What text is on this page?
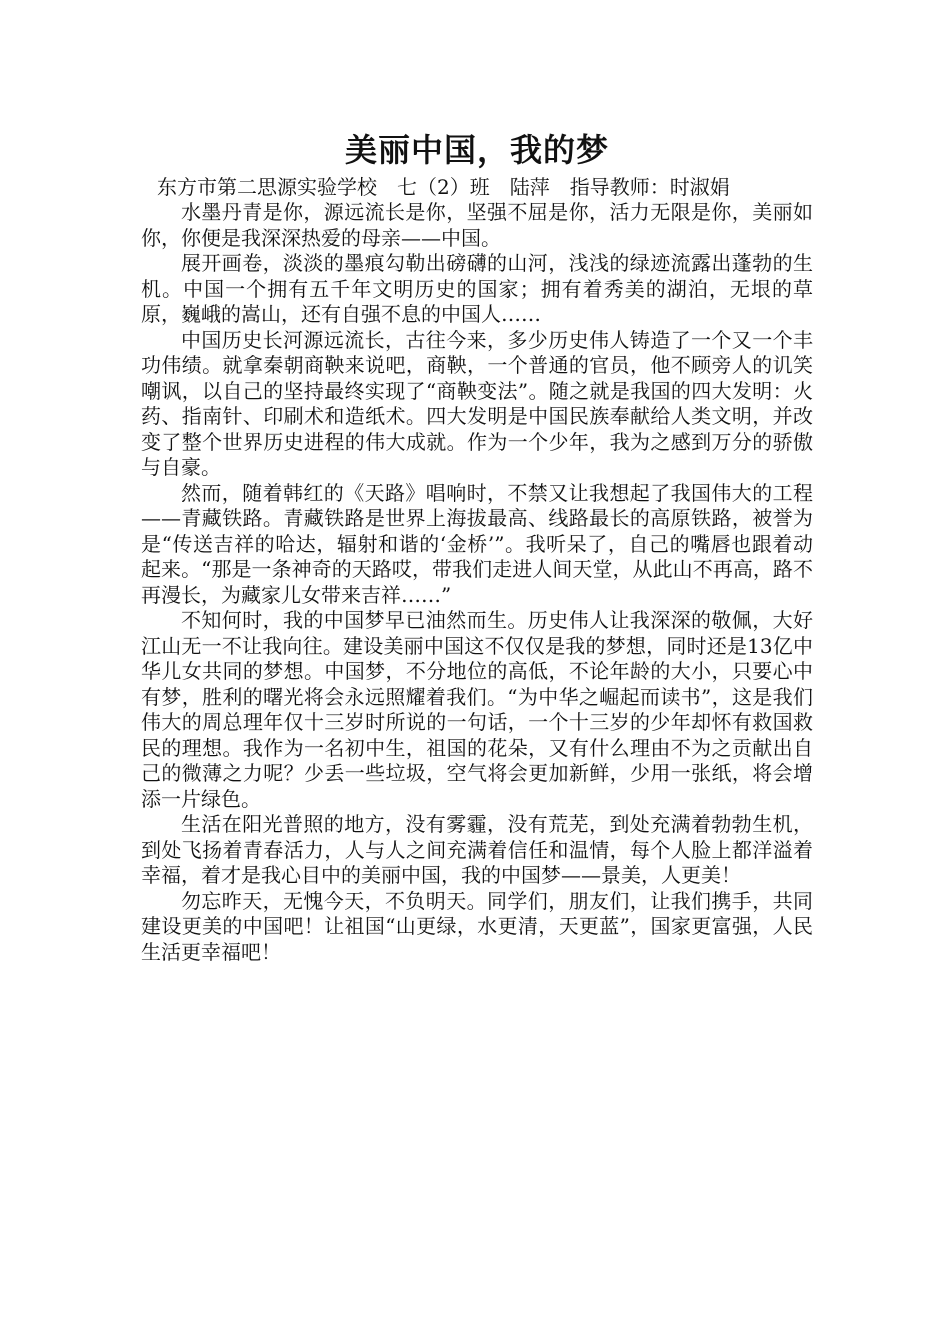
美丽中国，我的梦
东方市第二思源实验学校　七（2）班　陆萍　指导教师：时淑娟

水墨丹青是你，源远流长是你，坚强不屈是你，活力无限是你，美丽如你，你便是我深深热爱的母亲——中国。

展开画卷，淡淡的墨痕勾勒出磅礴的山河，浅浅的绿迹流露出蓬勃的生机。中国一个拥有五千年文明历史的国家；拥有着秀美的湖泊，无垠的草原，巍峨的嵩山，还有自强不息的中国人……

中国历史长河源远流长，古往今来，多少历史伟人铸造了一个又一个丰功伟绩。就拿秦朝商鞅来说吧，商鞅，一个普通的官员，他不顾旁人的讥笑嘲讽，以自己的坚持最终实现了“商鞅变法”。随之就是我国的四大发明：火药、指南针、印刷术和造纸术。四大发明是中国民族奉献给人类文明，并改变了整个世界历史进程的伟大成就。作为一个少年，我为之感到万分的骄傲与自豪。

然而，随着韩红的《天路》唱响时，不禁又让我想起了我国伟大的工程——青藏铁路。青藏铁路是世界上海拔最高、线路最长的高原铁路，被誉为是“传送吉祥的哈达，辐射和谐的‘金桥’”。我听呆了，自己的嘴唇也跟着动起来。“那是一条神奇的天路哎，带我们走进人间天堂，从此山不再高，路不再漫长，为藏家儿女带来吉祥……”

不知何时，我的中国梦早已油然而生。历史伟人让我深深的敬佩，大好江山无一不让我向往。建设美丽中国这不仅仅是我的梦想，同时还是13亿中华儿女共同的梦想。中国梦，不分地位的高低，不论年龄的大小，只要心中有梦，胜利的曙光将会永远照耀着我们。“为中华之崛起而读书”，这是我们伟大的周总理年仅十三岁时所说的一句话，一个十三岁的少年却怀有救国救民的理想。我作为一名初中生，祖国的花朵，又有什么理由不为之贡献出自己的微薄之力呢？少丢一些垃圾，空气将会更加新鲜，少用一张纸，将会增添一片绿色。

生活在阳光普照的地方，没有雾霾，没有荒芜，到处充满着勃勃生机，到处飞扬着青春活力，人与人之间充满着信任和温情，每个人脸上都洋溢着幸福，着才是我心目中的美丽中国，我的中国梦——景美，人更美！

勿忘昨天，无愧今天，不负明天。同学们，朋友们，让我们携手，共同建设更美的中国吧！让祖国“山更绿，水更清，天更蓝”，国家更富强，人民生活更幸福吧！
